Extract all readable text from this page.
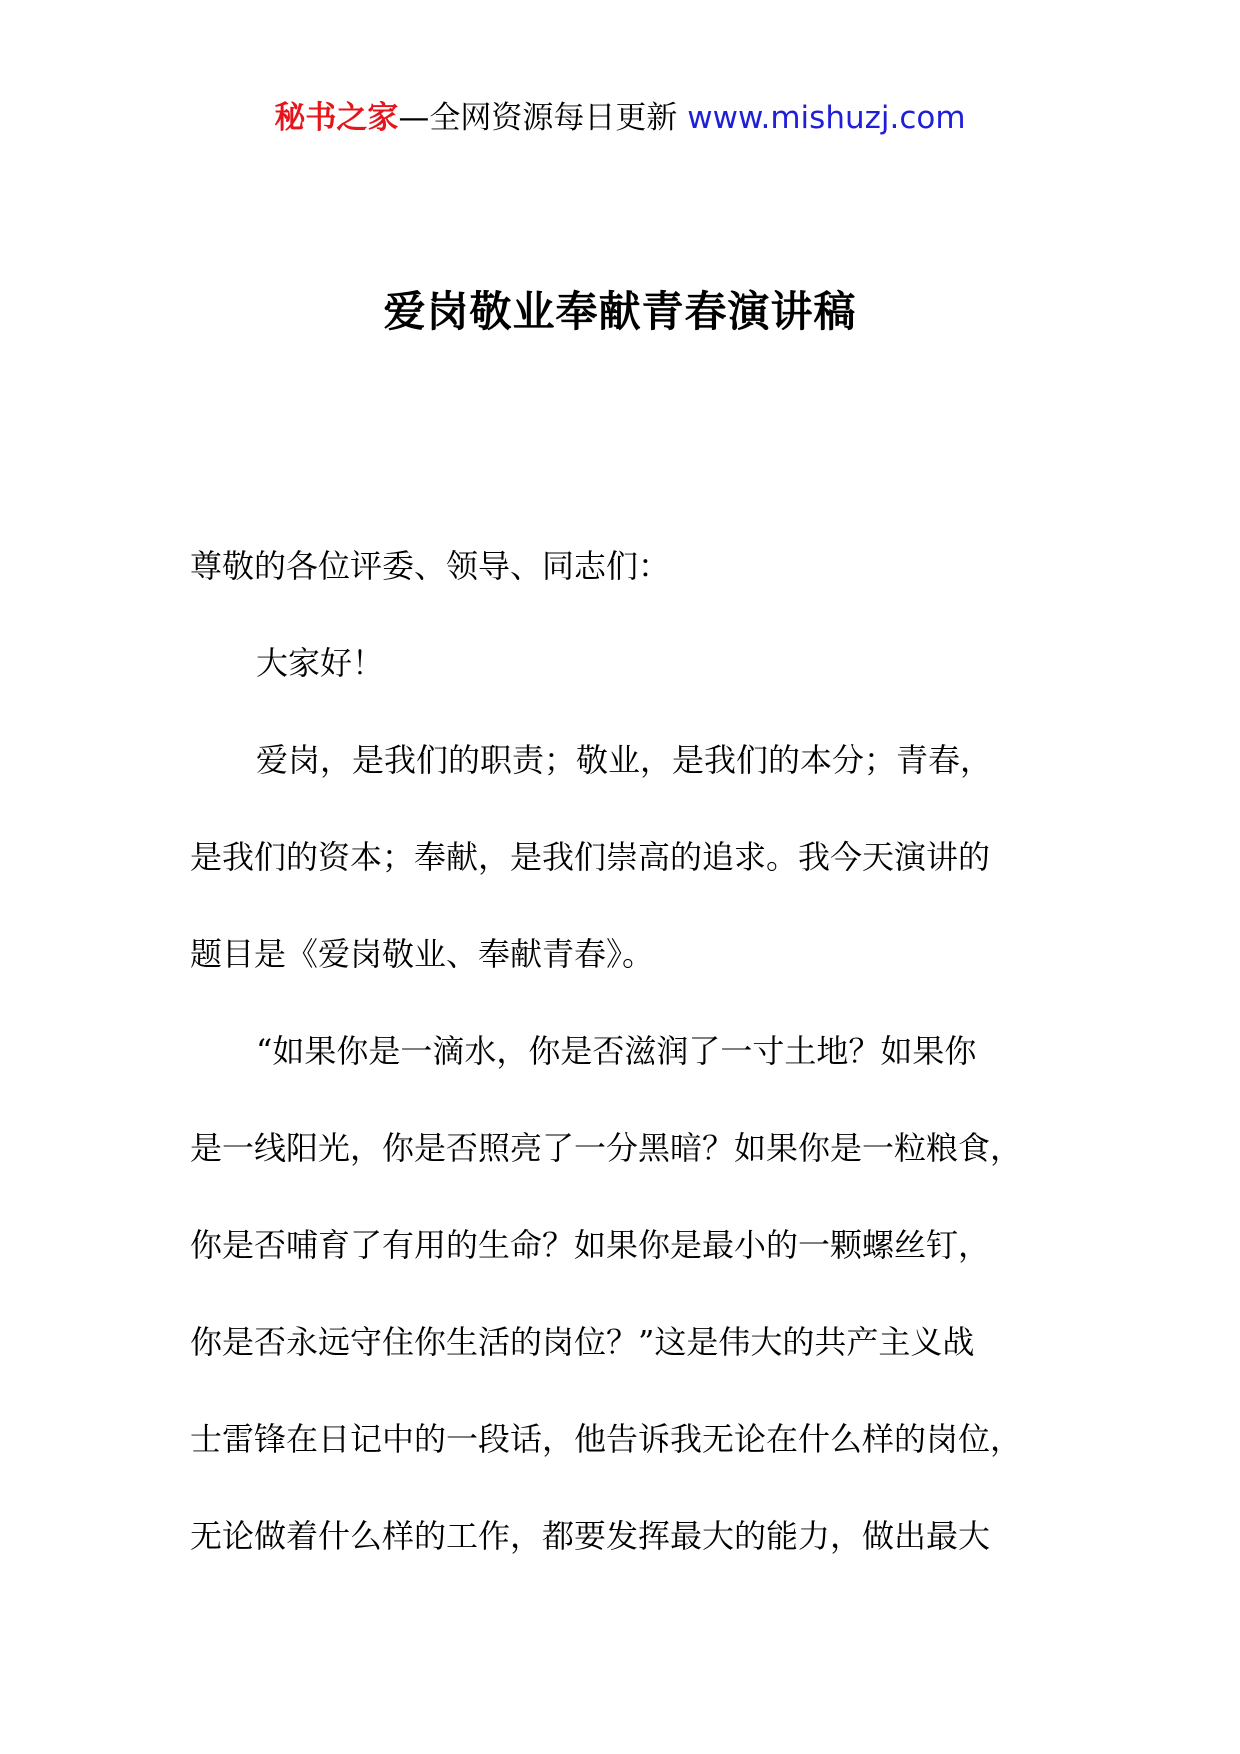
秘书之家—全网资源每日更新 www.mishuzj.com
爱岗敬业奉献青春演讲稿
尊敬的各位评委、领导、同志们：
大家好！
爱岗，是我们的职责；敬业，是我们的本分；青春，
是我们的资本；奉献，是我们崇高的追求。我今天演讲的
题目是《爱岗敬业、奉献青春》。
“如果你是一滴水，你是否滋润了一寸土地？如果你
是一线阳光，你是否照亮了一分黑暗？如果你是一粒粮食，
你是否哺育了有用的生命？如果你是最小的一颗螺丝钉，
你是否永远守住你生活的岗位？”这是伟大的共产主义战
士雷锋在日记中的一段话，他告诉我无论在什么样的岗位，
无论做着什么样的工作，都要发挥最大的能力，做出最大
